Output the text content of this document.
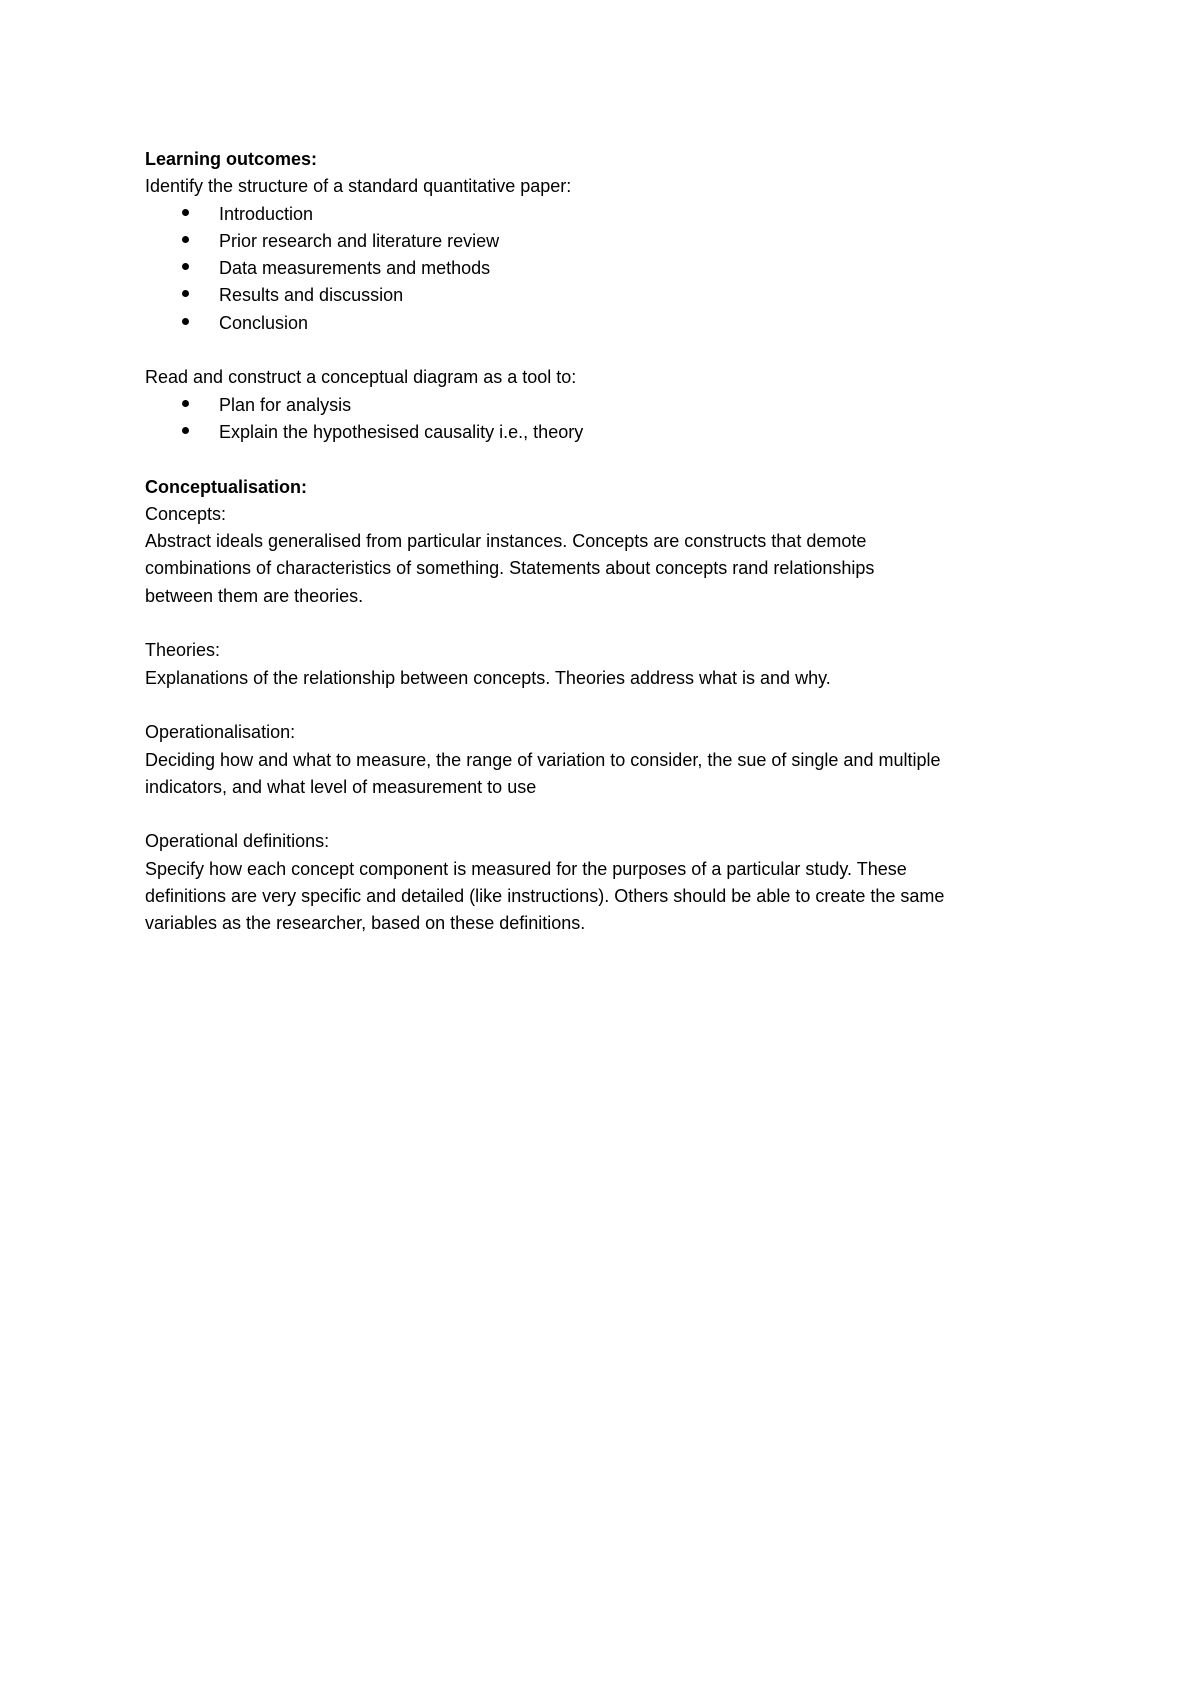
Learning outcomes:

Identify the structure of a standard quantitative paper:

Introduction
Prior research and literature review
Data measurements and methods
Results and discussion
Conclusion

Read and construct a conceptual diagram as a tool to:

Plan for analysis
Explain the hypothesised causality i.e., theory

Conceptualisation:

Concepts:

Abstract ideals generalised from particular instances. Concepts are constructs that demote

combinations of characteristics of something. Statements about concepts rand relationships

between them are theories.

Theories:

Explanations of the relationship between concepts. Theories address what is and why.

Operationalisation:

Deciding how and what to measure, the range of variation to consider, the sue of single and multiple

indicators, and what level of measurement to use

Operational definitions:

Specify how each concept component is measured for the purposes of a particular study. These

definitions are very specific and detailed (like instructions). Others should be able to create the same

variables as the researcher, based on these definitions.
